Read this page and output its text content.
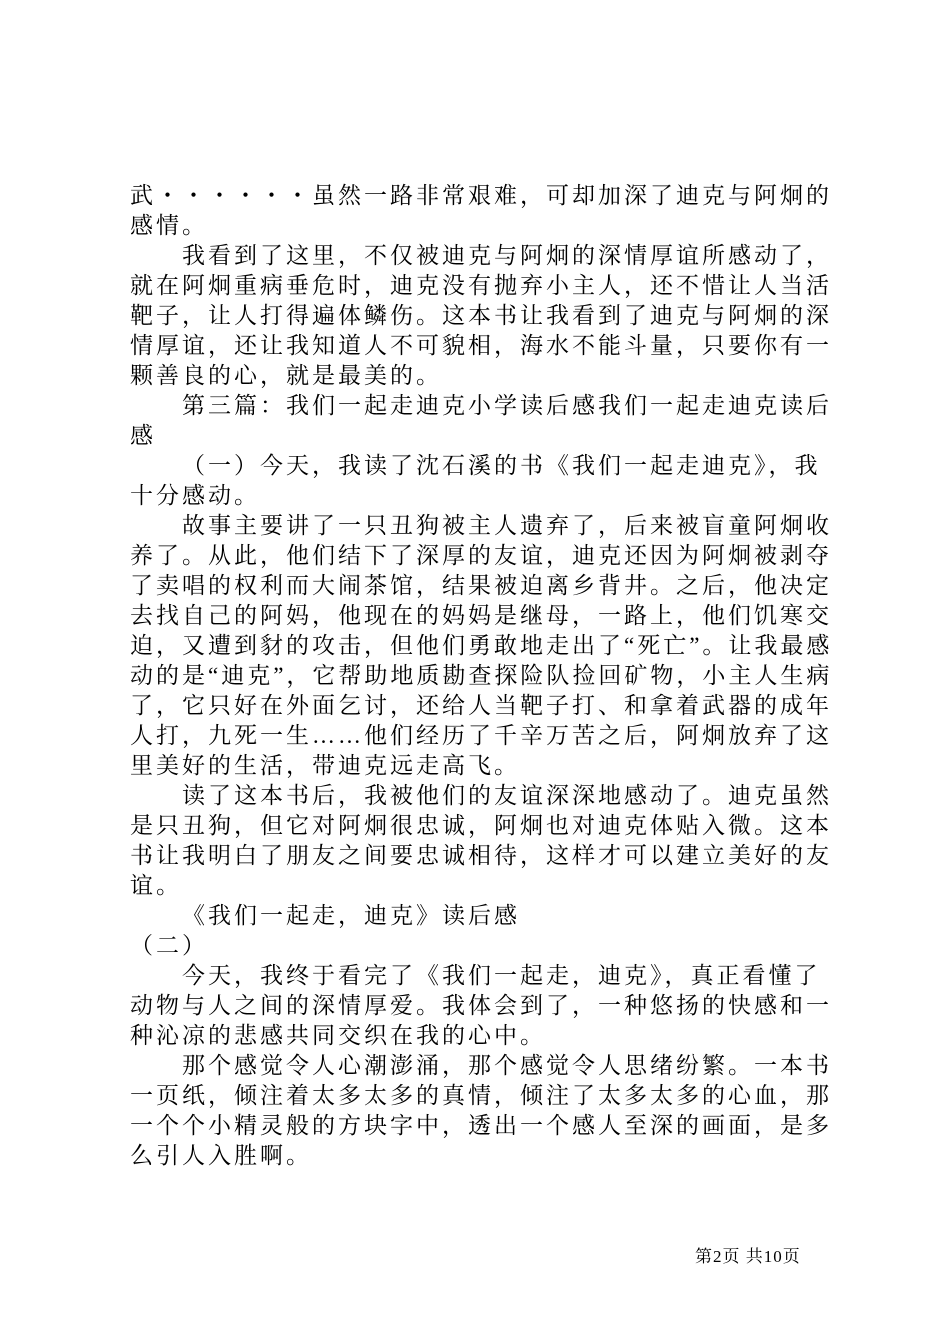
武・・・・・・虽然一路非常艰难，可却加深了迪克与阿炯的感情。

我看到了这里，不仅被迪克与阿炯的深情厚谊所感动了，就在阿炯重病垂危时，迪克没有抛弃小主人，还不惜让人当活靶子，让人打得遍体鳞伤。这本书让我看到了迪克与阿炯的深情厚谊，还让我知道人不可貌相，海水不能斗量，只要你有一颗善良的心，就是最美的。

第三篇：我们一起走迪克小学读后感我们一起走迪克读后感

（一）今天，我读了沈石溪的书《我们一起走迪克》，我十分感动。

故事主要讲了一只丑狗被主人遗弃了，后来被盲童阿炯收养了。从此，他们结下了深厚的友谊，迪克还因为阿炯被剥夺了卖唱的权利而大闹茶馆，结果被迫离乡背井。之后，他决定去找自己的阿妈，他现在的妈妈是继母，一路上，他们饥寒交迫，又遭到豺的攻击，但他们勇敢地走出了“死亡”。让我最感动的是“迪克”，它帮助地质勘查探险队捡回矿物，小主人生病了，它只好在外面乞讨，还给人当靶子打、和拿着武器的成年人打，九死一生……他们经历了千辛万苦之后，阿炯放弃了这里美好的生活，带迪克远走高飞。

读了这本书后，我被他们的友谊深深地感动了。迪克虽然是只丑狗，但它对阿炯很忠诚，阿炯也对迪克体贴入微。这本书让我明白了朋友之间要忠诚相待，这样才可以建立美好的友谊。

《我们一起走，迪克》读后感

（二）

今天，我终于看完了《我们一起走，迪克》，真正看懂了动物与人之间的深情厚爱。我体会到了，一种悠扬的快感和一种沁凉的悲感共同交织在我的心中。

那个感觉令人心潮澎涌，那个感觉令人思绪纷繁。一本书一页纸，倾注着太多太多的真情，倾注了太多太多的心血，那一个个小精灵般的方块字中，透出一个感人至深的画面，是多么引人入胜啊。

第2页 共10页
